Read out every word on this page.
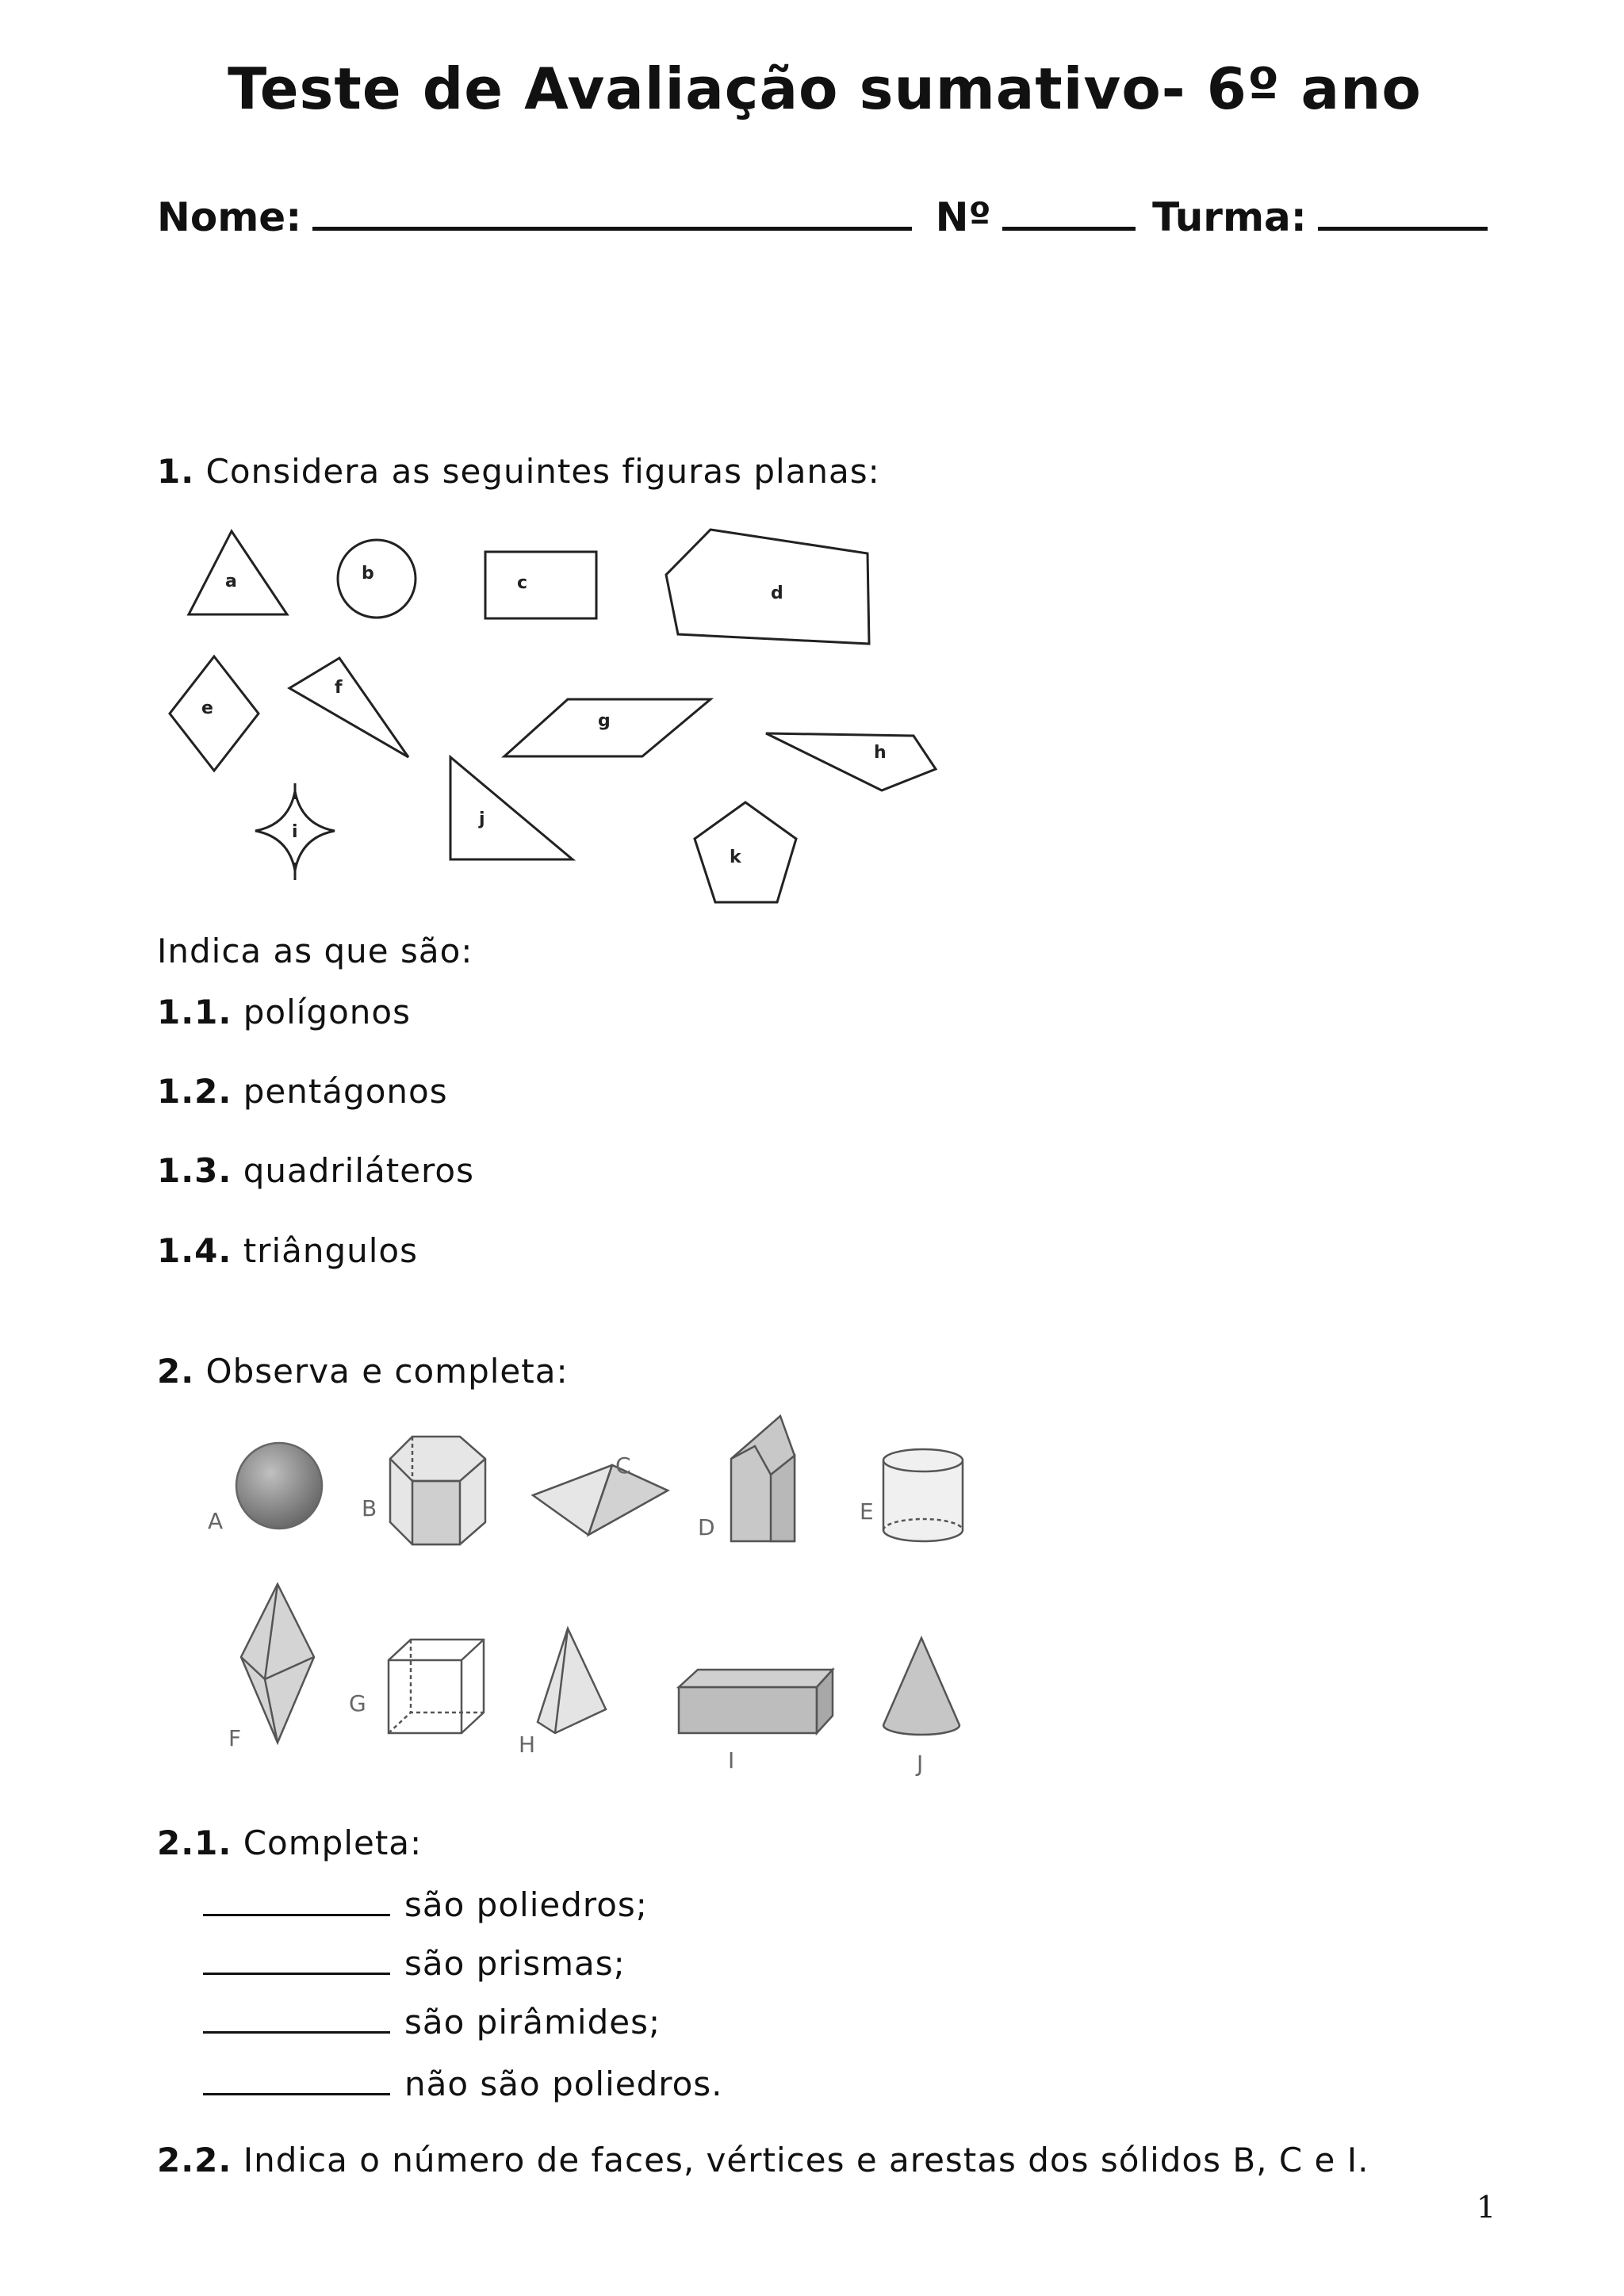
Teste de Avaliação sumativo- 6º ano
Nome:	Nº	Turma:
1. Considera as seguintes figuras planas:
a	b	c
d
e
f
g
h
i
j
k
Indica as que são:
1.1. polígonos
1.2. pentágonos
1.3. quadriláteros
1.4. triângulos
2. Observa e completa:
A	B
C
D
E
F
G
H
I	J
2.1. Completa:
são poliedros;
são prismas;
são pirâmides;
não são poliedros.
2.2. Indica o número de faces, vértices e arestas dos sólidos B, C e I.
1
